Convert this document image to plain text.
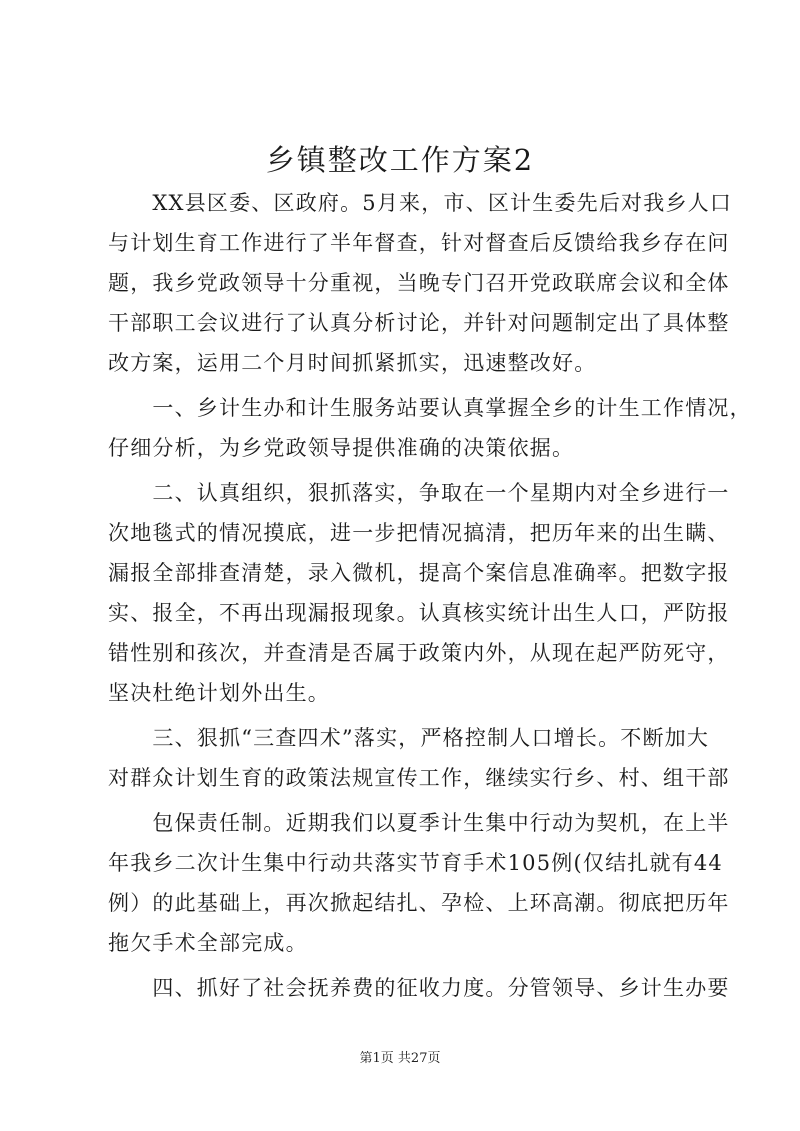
乡镇整改工作方案2

　　XX县区委、区政府。5月来，市、区计生委先后对我乡人口

与计划生育工作进行了半年督查，针对督查后反馈给我乡存在问

题，我乡党政领导十分重视，当晚专门召开党政联席会议和全体

干部职工会议进行了认真分析讨论，并针对问题制定出了具体整

改方案，运用二个月时间抓紧抓实，迅速整改好。

　　一、乡计生办和计生服务站要认真掌握全乡的计生工作情况，

仔细分析，为乡党政领导提供准确的决策依据。

　　二、认真组织，狠抓落实，争取在一个星期内对全乡进行一

次地毯式的情况摸底，进一步把情况搞清，把历年来的出生瞒、

漏报全部排查清楚，录入微机，提高个案信息准确率。把数字报

实、报全，不再出现漏报现象。认真核实统计出生人口，严防报

错性别和孩次，并查清是否属于政策内外，从现在起严防死守，

坚决杜绝计划外出生。

　　三、狠抓“三查四术”落实，严格控制人口增长。不断加大

对群众计划生育的政策法规宣传工作，继续实行乡、村、组干部

　　包保责任制。近期我们以夏季计生集中行动为契机，在上半

年我乡二次计生集中行动共落实节育手术105例(仅结扎就有44

例）的此基础上，再次掀起结扎、孕检、上环高潮。彻底把历年

拖欠手术全部完成。

　　四、抓好了社会抚养费的征收力度。分管领导、乡计生办要

第1页 共27页
